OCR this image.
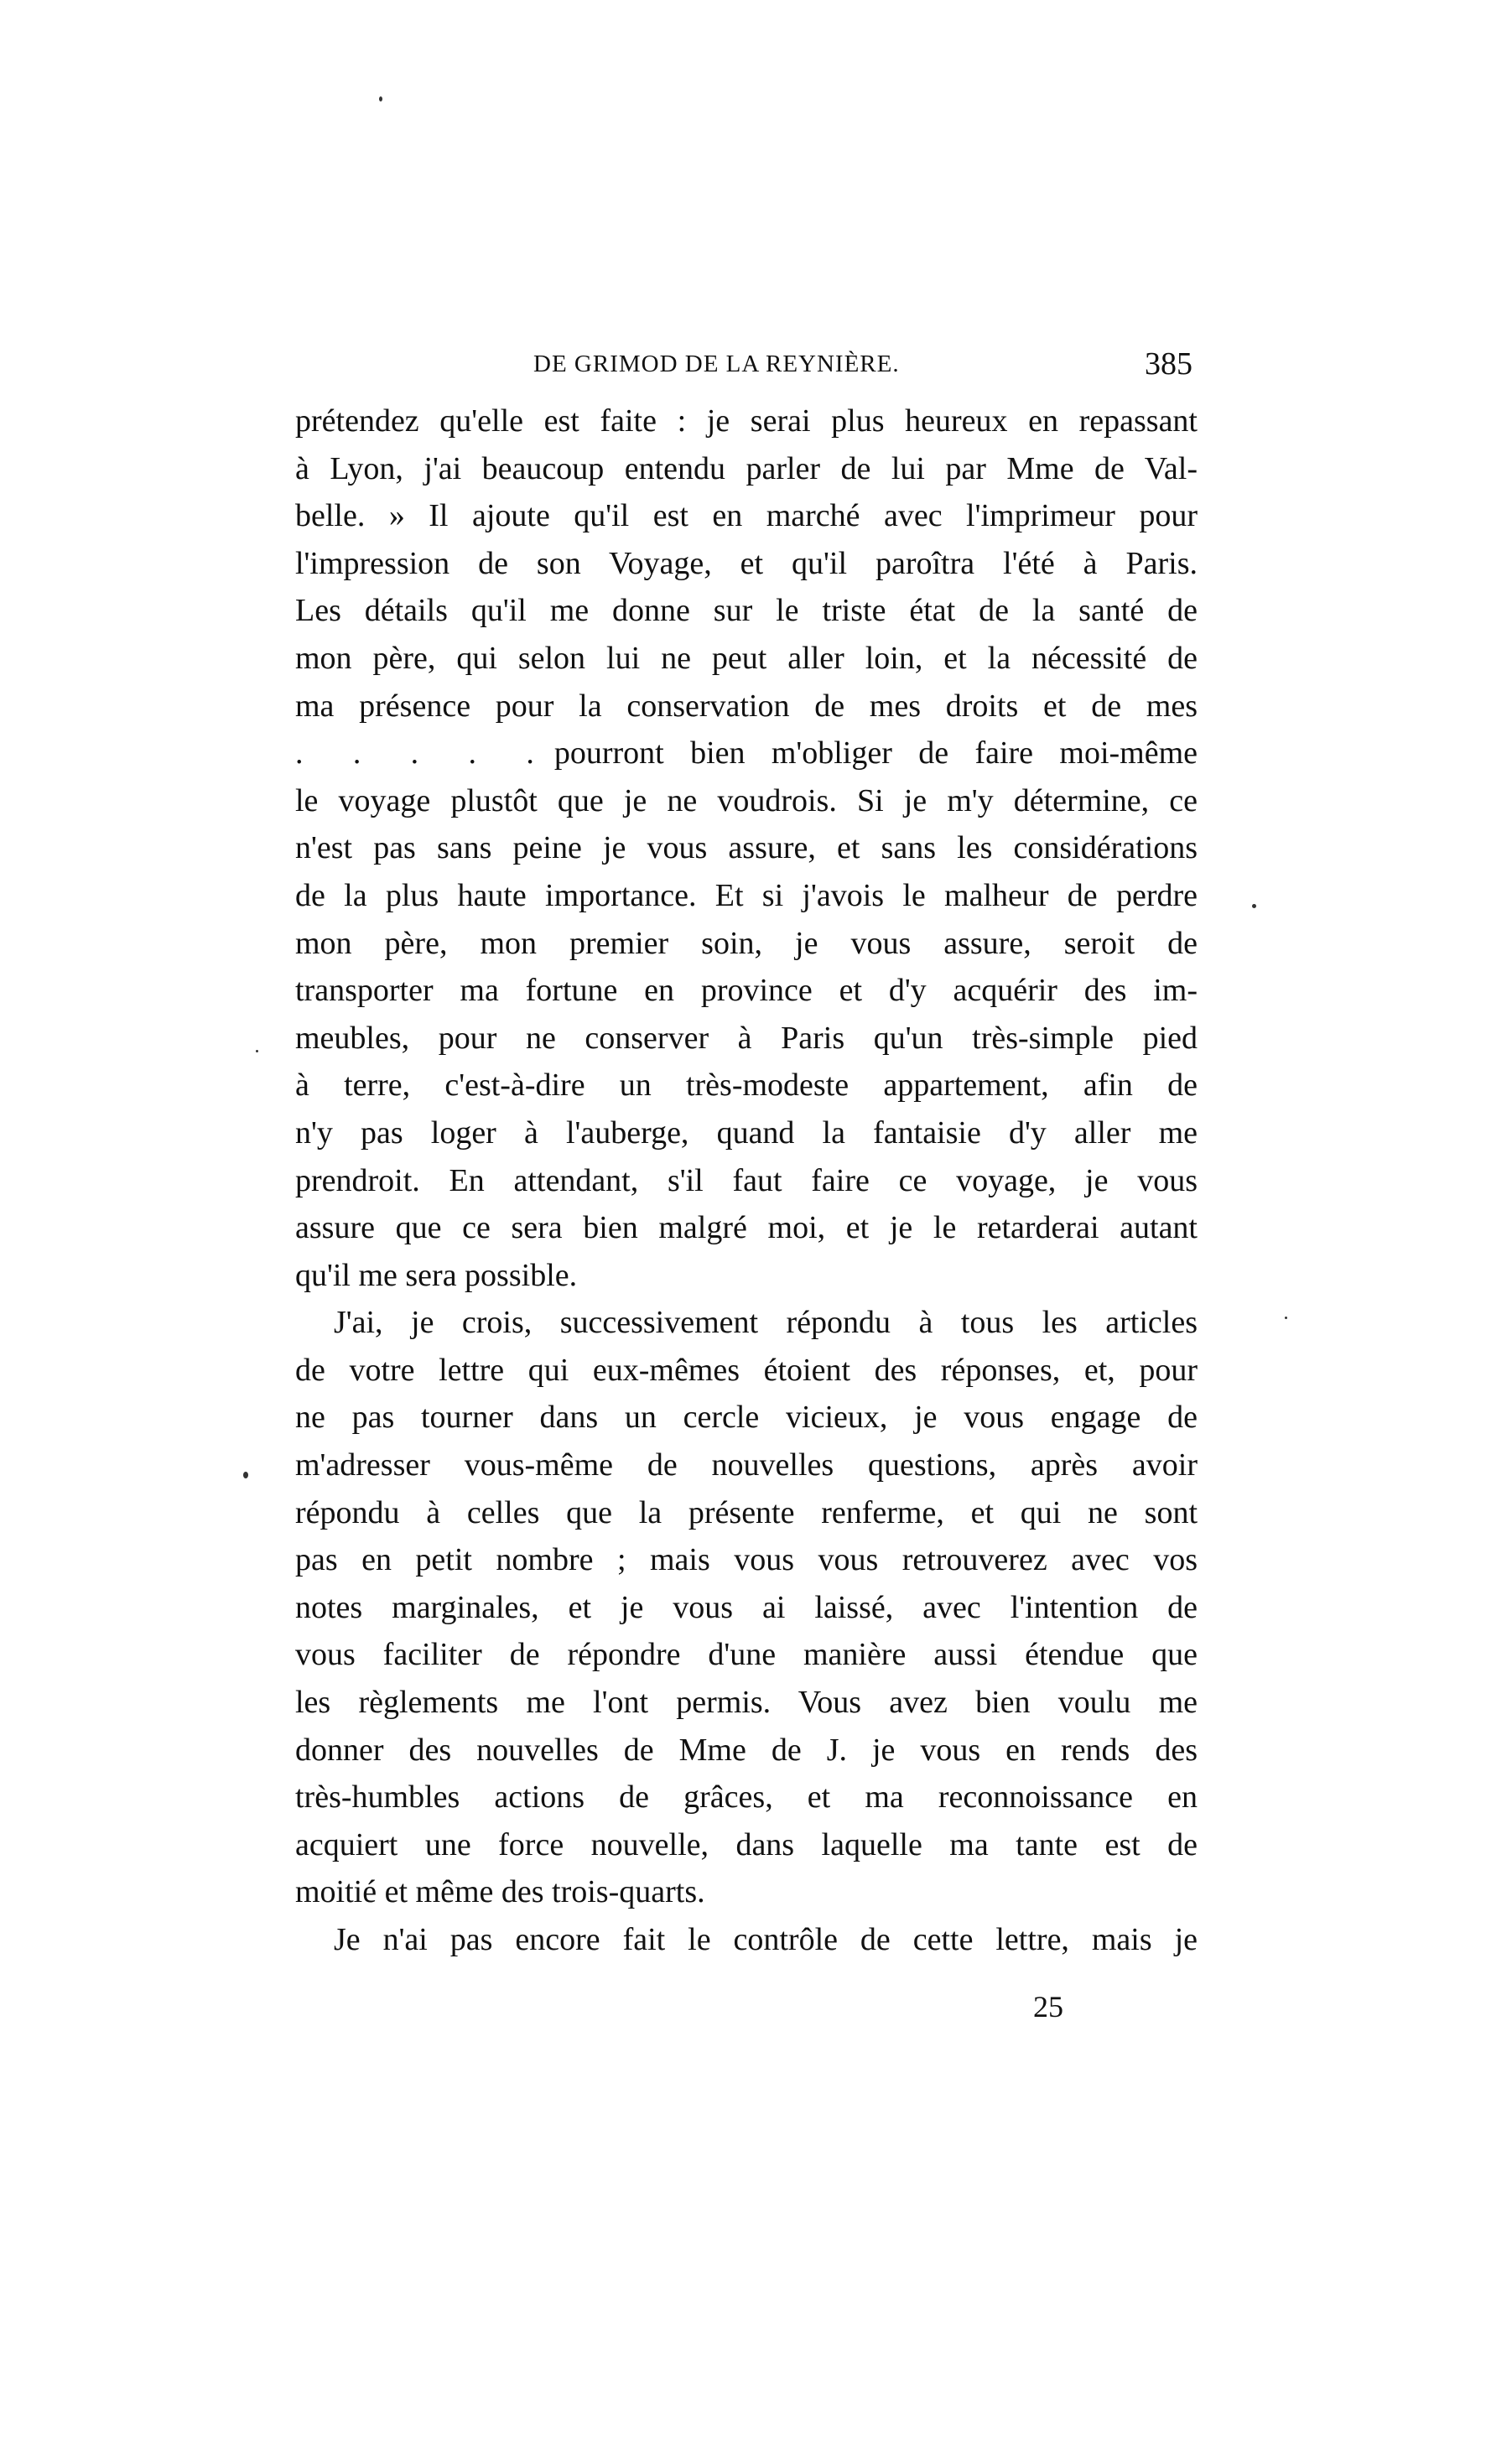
DE GRIMOD DE LA REYNIÈRE.	385
prétendez qu'elle est faite : je serai plus heureux en repassant
à Lyon, j'ai beaucoup entendu parler de lui par Mme de Val-
belle. » Il ajoute qu'il est en marché avec l'imprimeur pour
l'impression de son Voyage, et qu'il paroîtra l'été à Paris.
Les détails qu'il me donne sur le triste état de la santé de
mon père, qui selon lui ne peut aller loin, et la nécessité de
ma présence pour la conservation de mes droits et de mes
. . . . . pourront bien m'obliger de faire moi-même
le voyage plustôt que je ne voudrois. Si je m'y détermine, ce
n'est pas sans peine je vous assure, et sans les considérations
de la plus haute importance. Et si j'avois le malheur de perdre
mon père, mon premier soin, je vous assure, seroit de
transporter ma fortune en province et d'y acquérir des im-
meubles, pour ne conserver à Paris qu'un très-simple pied
à terre, c'est-à-dire un très-modeste appartement, afin de
n'y pas loger à l'auberge, quand la fantaisie d'y aller me
prendroit. En attendant, s'il faut faire ce voyage, je vous
assure que ce sera bien malgré moi, et je le retarderai autant
qu'il me sera possible.
J'ai, je crois, successivement répondu à tous les articles
de votre lettre qui eux-mêmes étoient des réponses, et, pour
ne pas tourner dans un cercle vicieux, je vous engage de
m'adresser vous-même de nouvelles questions, après avoir
répondu à celles que la présente renferme, et qui ne sont
pas en petit nombre ; mais vous vous retrouverez avec vos
notes marginales, et je vous ai laissé, avec l'intention de
vous faciliter de répondre d'une manière aussi étendue que
les règlements me l'ont permis. Vous avez bien voulu me
donner des nouvelles de Mme de J. je vous en rends des
très-humbles actions de grâces, et ma reconnoissance en
acquiert une force nouvelle, dans laquelle ma tante est de
moitié et même des trois-quarts.
Je n'ai pas encore fait le contrôle de cette lettre, mais je
25
